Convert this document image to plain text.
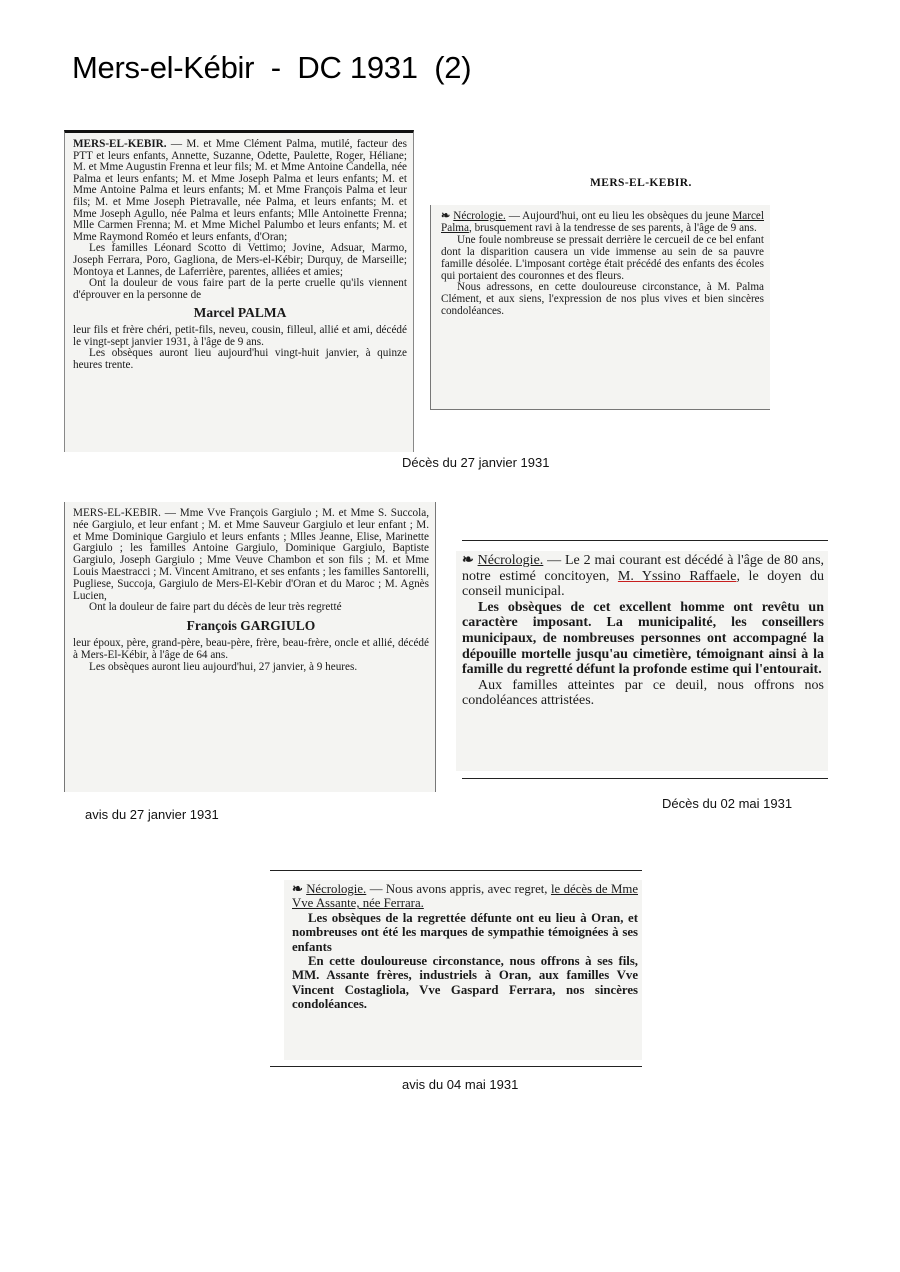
Mers-el-Kébir  -  DC 1931  (2)

MERS-EL-KEBIR. — M. et Mme Clément Palma, mutilé, facteur des PTT et leurs enfants, Annette, Suzanne, Odette, Paulette, Roger, Héliane; M. et Mme Augustin Frenna et leur fils; M. et Mme Antoine Candella, née Palma et leurs enfants; M. et Mme Joseph Palma et leurs enfants; M. et Mme Antoine Palma et leurs enfants; M. et Mme François Palma et leur fils; M. et Mme Joseph Pietravalle, née Palma, et leurs enfants; M. et Mme Joseph Agullo, née Palma et leurs enfants; Mlle Antoinette Frenna; Mlle Carmen Frenna; M. et Mme Michel Palumbo et leurs enfants; M. et Mme Raymond Roméo et leurs enfants, d'Oran;

Les familles Léonard Scotto di Vettimo; Jovine, Adsuar, Marmo, Joseph Ferrara, Poro, Gagliona, de Mers-el-Kébir; Durquy, de Marseille; Montoya et Lannes, de Laferrière, parentes, alliées et amies;

Ont la douleur de vous faire part de la perte cruelle qu'ils viennent d'éprouver en la personne de

Marcel PALMA

leur fils et frère chéri, petit-fils, neveu, cousin, filleul, allié et ami, décédé le vingt-sept janvier 1931, à l'âge de 9 ans.

Les obsèques auront lieu aujourd'hui vingt-huit janvier, à quinze heures trente.

Décès du 27 janvier 1931
MERS-EL-KEBIR.

❧ Nécrologie. — Aujourd'hui, ont eu lieu les obsèques du jeune Marcel Palma, brusquement ravi à la tendresse de ses parents, à l'âge de 9 ans.

Une foule nombreuse se pressait derrière le cercueil de ce bel enfant dont la disparition causera un vide immense au sein de sa pauvre famille désolée. L'imposant cortège était précédé des enfants des écoles qui portaient des couronnes et des fleurs.

Nous adressons, en cette douloureuse circonstance, à M. Palma Clément, et aux siens, l'expression de nos plus vives et bien sincères condoléances.

MERS-EL-KEBIR. — Mme Vve François Gargiulo ; M. et Mme S. Succola, née Gargiulo, et leur enfant ; M. et Mme Sauveur Gargiulo et leur enfant ; M. et Mme Dominique Gargiulo et leurs enfants ; Mlles Jeanne, Elise, Marinette Gargiulo ; les familles Antoine Gargiulo, Dominique Gargiulo, Baptiste Gargiulo, Joseph Gargiulo ; Mme Veuve Chambon et son fils ; M. et Mme Louis Maestracci ; M. Vincent Amitrano, et ses enfants ; les familles Santorelli, Pugliese, Succoja, Gargiulo de Mers-El-Kebir d'Oran et du Maroc ; M. Agnès Lucien,

Ont la douleur de faire part du décès de leur très regretté

François GARGIULO

leur époux, père, grand-père, beau-père, frère, beau-frère, oncle et allié, décédé à Mers-El-Kébir, à l'âge de 64 ans.

Les obsèques auront lieu aujourd'hui, 27 janvier, à 9 heures.

avis du 27 janvier 1931

❧ Nécrologie. — Le 2 mai courant est décédé à l'âge de 80 ans, notre estimé concitoyen, M. Yssino Raffaele, le doyen du conseil municipal.

Les obsèques de cet excellent homme ont revêtu un caractère imposant. La municipalité, les conseillers municipaux, de nombreuses personnes ont accompagné la dépouille mortelle jusqu'au cimetière, témoignant ainsi à la famille du regretté défunt la profonde estime qui l'entourait.

Aux familles atteintes par ce deuil, nous offrons nos condoléances attristées.

Décès du 02 mai 1931

❧ Nécrologie. — Nous avons appris, avec regret, le décès de Mme Vve Assante, née Ferrara.

Les obsèques de la regrettée défunte ont eu lieu à Oran, et nombreuses ont été les marques de sympathie témoignées à ses enfants

En cette douloureuse circonstance, nous offrons à ses fils, MM. Assante frères, industriels à Oran, aux familles Vve Vincent Costagliola, Vve Gaspard Ferrara, nos sincères condoléances.

avis du 04 mai 1931
